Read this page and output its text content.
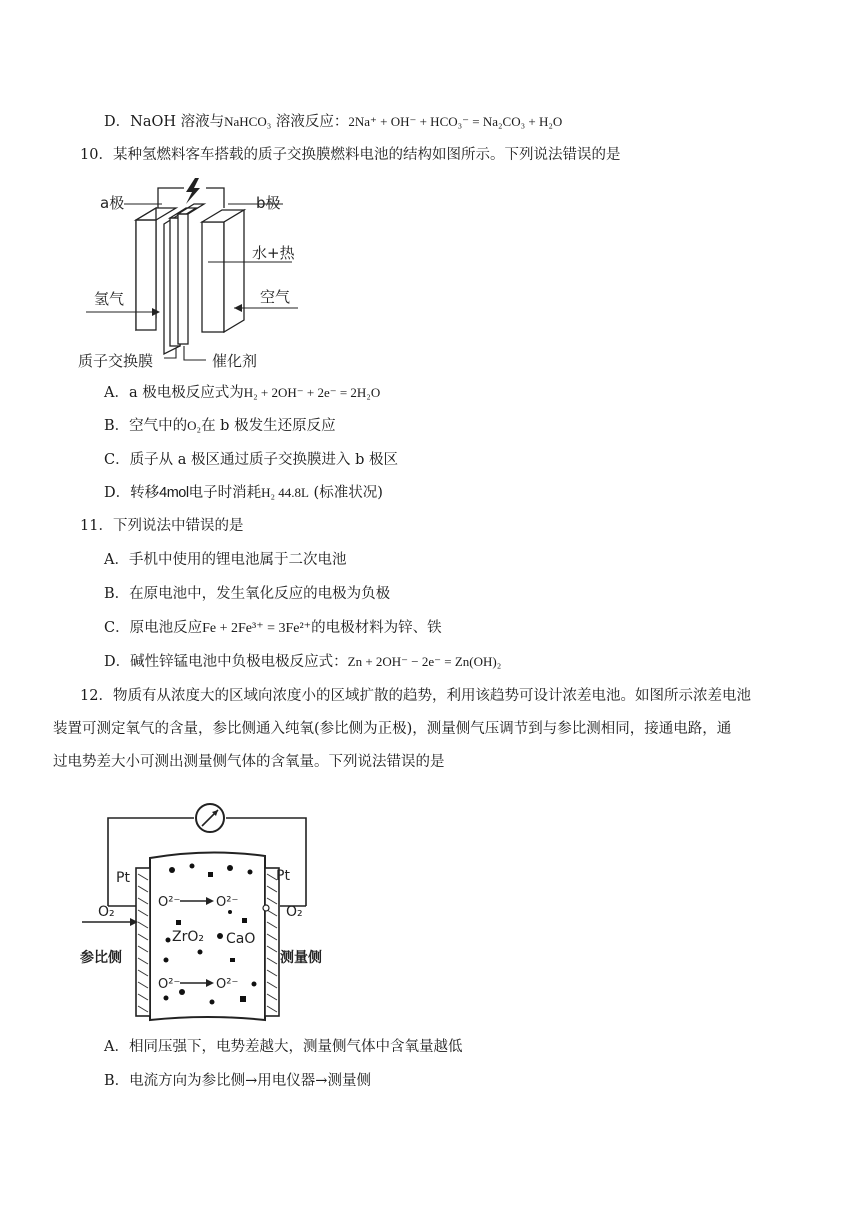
D．NaOH 溶液与NaHCO₃ 溶液反应：2Na⁺ + OH⁻ + HCO₃⁻ = Na₂CO₃ + H₂O
10．某种氢燃料客车搭载的质子交换膜燃料电池的结构如图所示。下列说法错误的是
a极	b极
水+热
氢气	空气
质子交换膜	催化剂
A．a 极电极反应式为H₂ + 2OH⁻ + 2e⁻ = 2H₂O
B．空气中的O₂在 b 极发生还原反应
C．质子从 a 极区通过质子交换膜进入 b 极区
D．转移4mol电子时消耗H₂ 44.8L (标准状况)
11．下列说法中错误的是
A．手机中使用的锂电池属于二次电池
B．在原电池中，发生氧化反应的电极为负极
C．原电池反应Fe + 2Fe³⁺ = 3Fe²⁺的电极材料为锌、铁
D．碱性锌锰电池中负极电极反应式：Zn + 2OH⁻ − 2e⁻ = Zn(OH)₂
12．物质有从浓度大的区域向浓度小的区域扩散的趋势，利用该趋势可设计浓差电池。如图所示浓差电池
装置可测定氧气的含量，参比侧通入纯氧(参比侧为正极)，测量侧气压调节到与参比测相同，接通电路，通
过电势差大小可测出测量侧气体的含氧量。下列说法错误的是
Pt	Pt
O₂	O₂
参比侧	测量侧
O²⁻	O²⁻
ZrO₂ CaO
O²⁻	O²⁻
A．相同压强下，电势差越大，测量侧气体中含氧量越低
B．电流方向为参比侧→用电仪器→测量侧
